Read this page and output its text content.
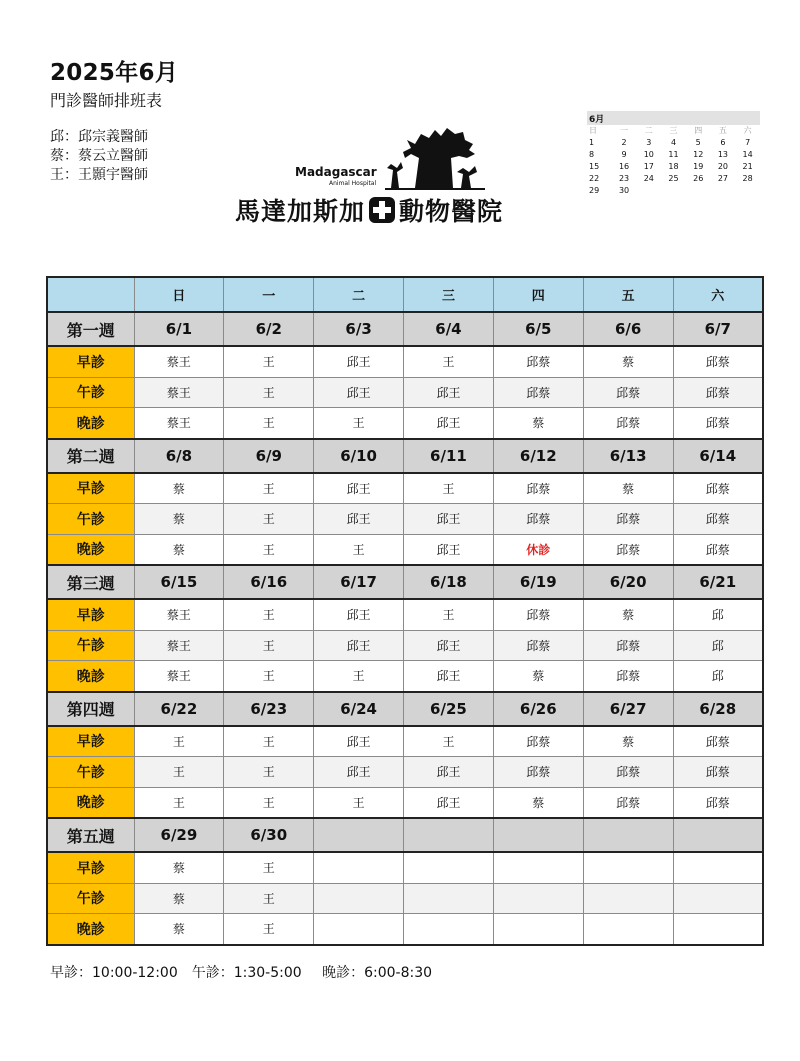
2025年6月
門診醫師排班表
邱：邱宗義醫師
蔡：蔡云立醫師
王：王顥宇醫師	Madagascar
Animal Hospital
馬達加斯加 動物醫院
6月
日	一	二	三	四	五	六
1	2	3	4	5	6	7
8	9	10	11	12	13	14
15	16	17	18	19	20	21
22	23	24	25	26	27	28
29	30
	日	一	二	三	四	五	六
第一週	6/1	6/2	6/3	6/4	6/5	6/6	6/7
早診	蔡王	王	邱王	王	邱蔡	蔡	邱蔡
午診	蔡王	王	邱王	邱王	邱蔡	邱蔡	邱蔡
晚診	蔡王	王	王	邱王	蔡	邱蔡	邱蔡
第二週	6/8	6/9	6/10	6/11	6/12	6/13	6/14
早診	蔡	王	邱王	王	邱蔡	蔡	邱蔡
午診	蔡	王	邱王	邱王	邱蔡	邱蔡	邱蔡
晚診	蔡	王	王	邱王	休診	邱蔡	邱蔡
第三週	6/15	6/16	6/17	6/18	6/19	6/20	6/21
早診	蔡王	王	邱王	王	邱蔡	蔡	邱
午診	蔡王	王	邱王	邱王	邱蔡	邱蔡	邱
晚診	蔡王	王	王	邱王	蔡	邱蔡	邱
第四週	6/22	6/23	6/24	6/25	6/26	6/27	6/28
早診	王	王	邱王	王	邱蔡	蔡	邱蔡
午診	王	王	邱王	邱王	邱蔡	邱蔡	邱蔡
晚診	王	王	王	邱王	蔡	邱蔡	邱蔡
第五週	6/29	6/30					
早診	蔡	王					
午診	蔡	王					
晚診	蔡	王					
早診：10:00-12:00　午診：1:30-5:00　 晚診：6:00-8:30
